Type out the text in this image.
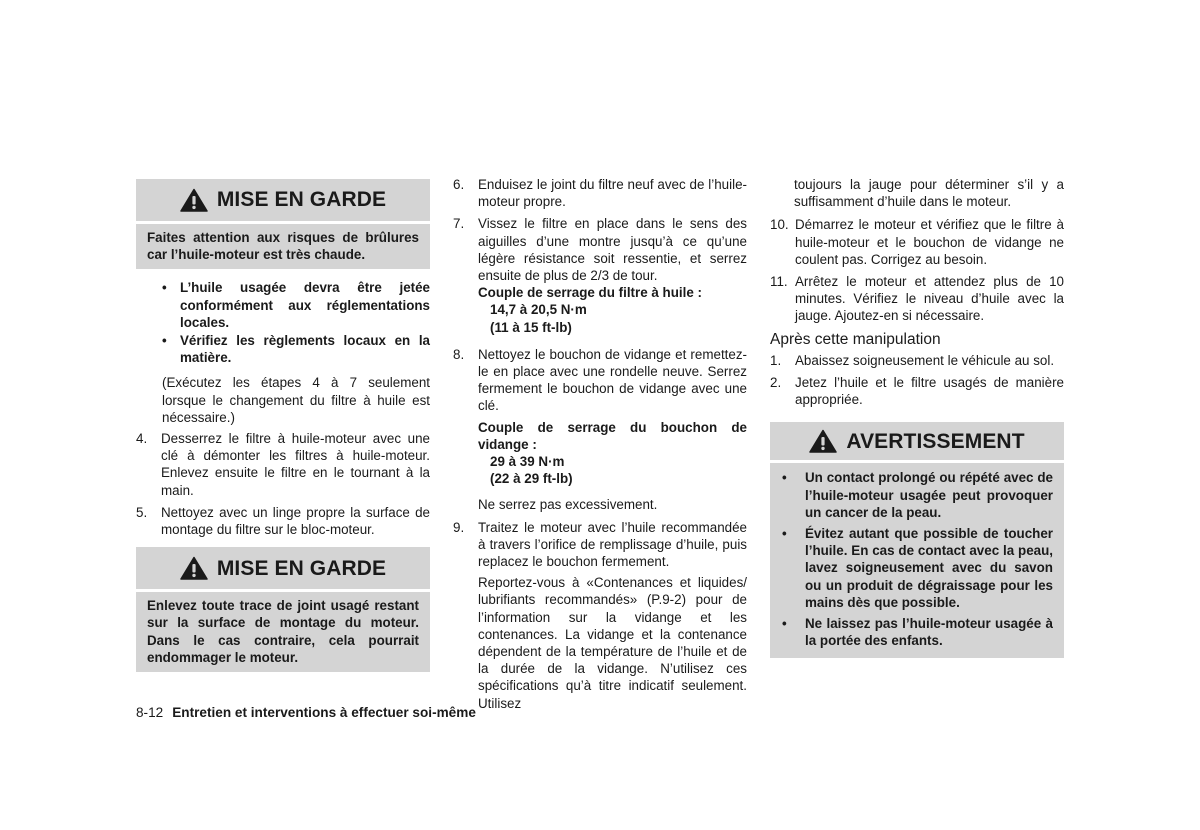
MISE EN GARDE
Faites attention aux risques de brûlures car l’huile-moteur est très chaude.
• L’huile usagée devra être jetée conformément aux réglementations locales.
• Vérifiez les règlements locaux en la matière.
(Exécutez les étapes 4 à 7 seulement lorsque le changement du filtre à huile est nécessaire.)
4. Desserrez le filtre à huile-moteur avec une clé à démonter les filtres à huile-moteur. Enlevez ensuite le filtre en le tournant à la main.
5. Nettoyez avec un linge propre la surface de montage du filtre sur le bloc-moteur.
MISE EN GARDE
Enlevez toute trace de joint usagé restant sur la surface de montage du moteur. Dans le cas contraire, cela pourrait endommager le moteur.
6. Enduisez le joint du filtre neuf avec de l’huile-moteur propre.
7. Vissez le filtre en place dans le sens des aiguilles d’une montre jusqu’à ce qu’une légère résistance soit ressentie, et serrez ensuite de plus de 2/3 de tour.
Couple de serrage du filtre à huile :
14,7 à 20,5 N·m
(11 à 15 ft-lb)
8. Nettoyez le bouchon de vidange et remettez-le en place avec une rondelle neuve. Serrez fermement le bouchon de vidange avec une clé.
Couple de serrage du bouchon de vidange :
29 à 39 N·m
(22 à 29 ft-lb)
Ne serrez pas excessivement.
9. Traitez le moteur avec l’huile recommandée à travers l’orifice de remplissage d’huile, puis replacez le bouchon fermement.
Reportez-vous à «Contenances et liquides/ lubrifiants recommandés» (P.9-2) pour de l’information sur la vidange et les contenances. La vidange et la contenance dépendent de la température de l’huile et de la durée de la vidange. N’utilisez ces spécifications qu’à titre indicatif seulement. Utilisez
toujours la jauge pour déterminer s’il y a suffisamment d’huile dans le moteur.
10. Démarrez le moteur et vérifiez que le filtre à huile-moteur et le bouchon de vidange ne coulent pas. Corrigez au besoin.
11. Arrêtez le moteur et attendez plus de 10 minutes. Vérifiez le niveau d’huile avec la jauge. Ajoutez-en si nécessaire.
Après cette manipulation
1. Abaissez soigneusement le véhicule au sol.
2. Jetez l’huile et le filtre usagés de manière appropriée.
AVERTISSEMENT
• Un contact prolongé ou répété avec de l’huile-moteur usagée peut provoquer un cancer de la peau.
• Évitez autant que possible de toucher l’huile. En cas de contact avec la peau, lavez soigneusement avec du savon ou un produit de dégraissage pour les mains dès que possible.
• Ne laissez pas l’huile-moteur usagée à la portée des enfants.
8-12 Entretien et interventions à effectuer soi-même
